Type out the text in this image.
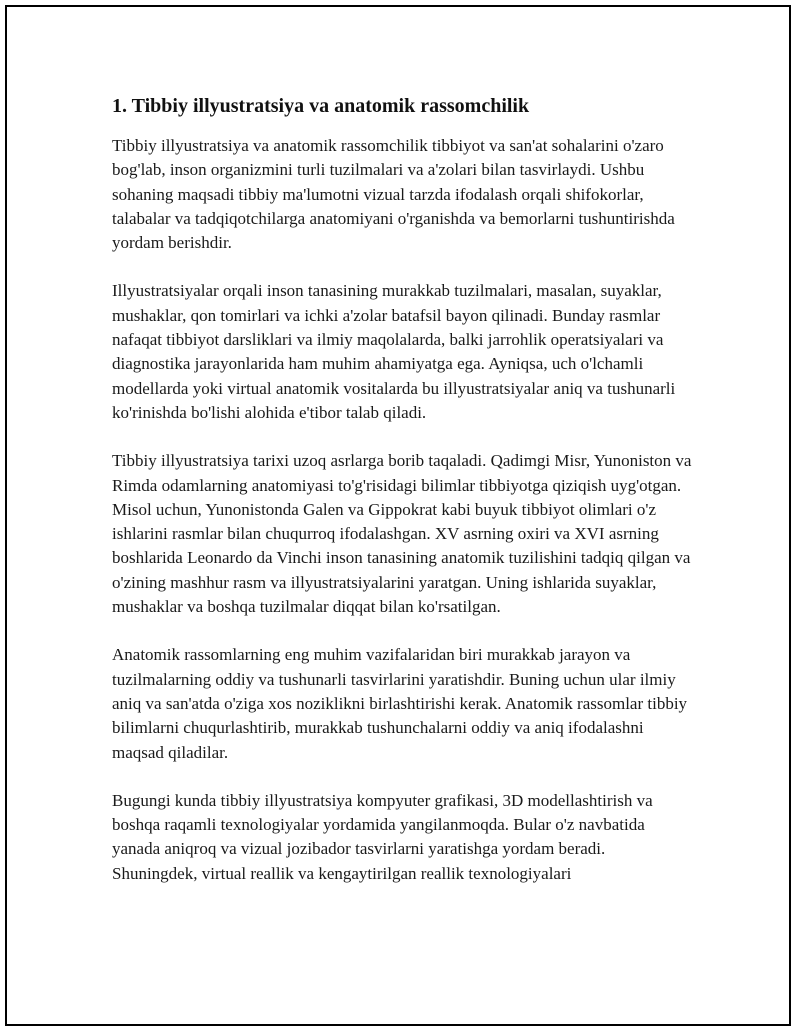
1. Tibbiy illyustratsiya va anatomik rassomchilik

Tibbiy illyustratsiya va anatomik rassomchilik tibbiyot va san'at sohalarini o'zaro bog'lab, inson organizmini turli tuzilmalari va a'zolari bilan tasvirlaydi. Ushbu sohaning maqsadi tibbiy ma'lumotni vizual tarzda ifodalash orqali shifokorlar, talabalar va tadqiqotchilarga anatomiyani o'rganishda va bemorlarni tushuntirishda yordam berishdir.

Illyustratsiyalar orqali inson tanasining murakkab tuzilmalari, masalan, suyaklar, mushaklar, qon tomirlari va ichki a'zolar batafsil bayon qilinadi. Bunday rasmlar nafaqat tibbiyot darsliklari va ilmiy maqolalarda, balki jarrohlik operatsiyalari va diagnostika jarayonlarida ham muhim ahamiyatga ega. Ayniqsa, uch o'lchamli modellarda yoki virtual anatomik vositalarda bu illyustratsiyalar aniq va tushunarli ko'rinishda bo'lishi alohida e'tibor talab qiladi.

Tibbiy illyustratsiya tarixi uzoq asrlarga borib taqaladi. Qadimgi Misr, Yunoniston va Rimda odamlarning anatomiyasi to'g'risidagi bilimlar tibbiyotga qiziqish uyg'otgan. Misol uchun, Yunonistonda Galen va Gippokrat kabi buyuk tibbiyot olimlari o'z ishlarini rasmlar bilan chuqurroq ifodalashgan. XV asrning oxiri va XVI asrning boshlarida Leonardo da Vinchi inson tanasining anatomik tuzilishini tadqiq qilgan va o'zining mashhur rasm va illyustratsiyalarini yaratgan. Uning ishlarida suyaklar, mushaklar va boshqa tuzilmalar diqqat bilan ko'rsatilgan.

Anatomik rassomlarning eng muhim vazifalaridan biri murakkab jarayon va tuzilmalarning oddiy va tushunarli tasvirlarini yaratishdir. Buning uchun ular ilmiy aniq va san'atda o'ziga xos noziklikni birlashtirishi kerak. Anatomik rassomlar tibbiy bilimlarni chuqurlashtirib, murakkab tushunchalarni oddiy va aniq ifodalashni maqsad qiladilar.

Bugungi kunda tibbiy illyustratsiya kompyuter grafikasi, 3D modellashtirish va boshqa raqamli texnologiyalar yordamida yangilanmoqda. Bular o'z navbatida yanada aniqroq va vizual jozibador tasvirlarni yaratishga yordam beradi. Shuningdek, virtual reallik va kengaytirilgan reallik texnologiyalari
